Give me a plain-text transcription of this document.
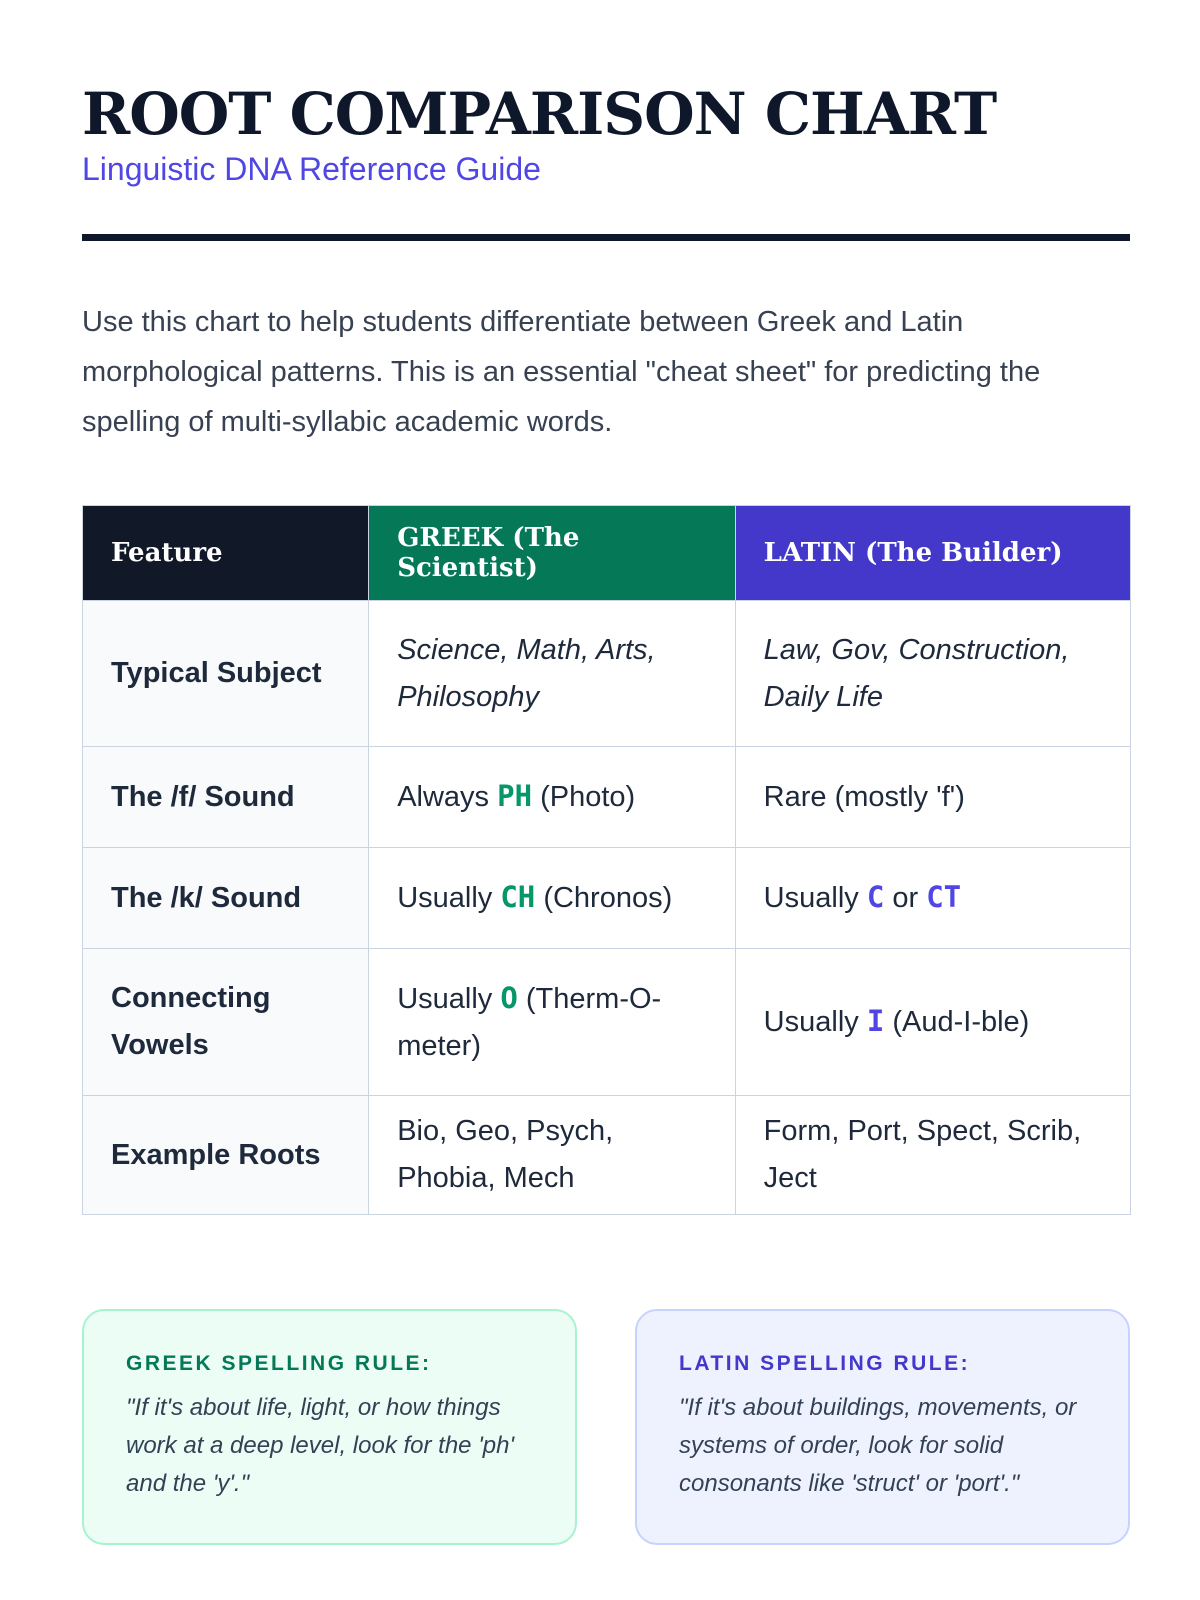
ROOT COMPARISON CHART
Linguistic DNA Reference Guide

Use this chart to help students differentiate between Greek and Latin morphological patterns. This is an essential "cheat sheet" for predicting the spelling of multi-syllabic academic words.

Feature	GREEK (The Scientist)	LATIN (The Builder)
Typical Subject	Science, Math, Arts, Philosophy	Law, Gov, Construction, Daily Life
The /f/ Sound	Always PH (Photo)	Rare (mostly 'f')
The /k/ Sound	Usually CH (Chronos)	Usually C or CT
Connecting Vowels	Usually O (Therm-O-meter)	Usually I (Aud-I-ble)
Example Roots	Bio, Geo, Psych, Phobia, Mech	Form, Port, Spect, Scrib, Ject
GREEK SPELLING RULE:
"If it's about life, light, or how things work at a deep level, look for the 'ph' and the 'y'."
LATIN SPELLING RULE:
"If it's about buildings, movements, or systems of order, look for solid consonants like 'struct' or 'port'."
